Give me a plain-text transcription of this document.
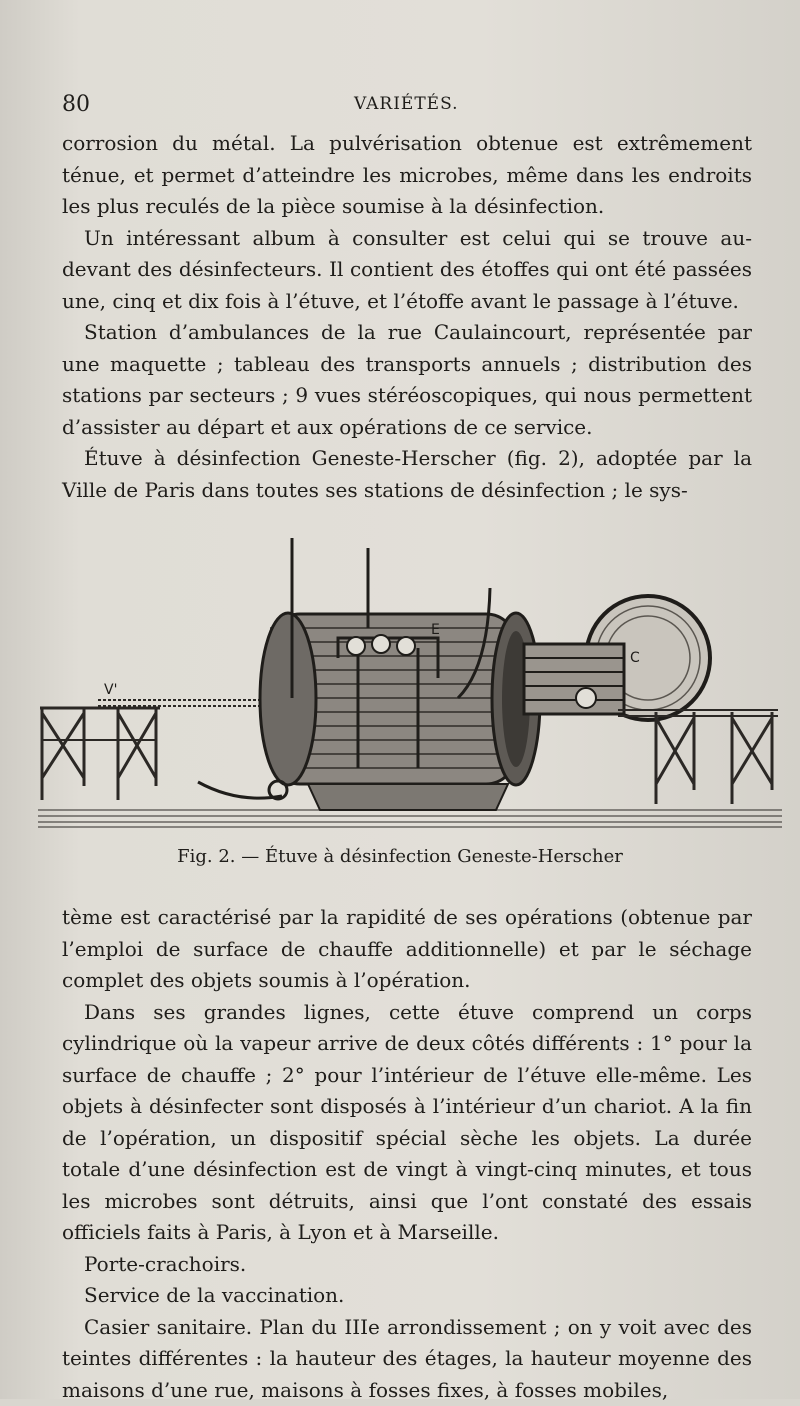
80	VARIÉTÉS.

corrosion du métal. La pulvérisation obtenue est extrêmement ténue, et permet d’atteindre les microbes, même dans les endroits les plus reculés de la pièce soumise à la désinfection.

Un intéressant album à consulter est celui qui se trouve au-devant des désinfecteurs. Il contient des étoffes qui ont été passées une, cinq et dix fois à l’étuve, et l’étoffe avant le passage à l’étuve.

Station d’ambulances de la rue Caulaincourt, représentée par une maquette ; tableau des transports annuels ; distribution des stations par secteurs ; 9 vues stéréoscopiques, qui nous permettent d’assister au départ et aux opérations de ce service.

Étuve à désinfection Geneste-Herscher (fig. 2), adoptée par la Ville de Paris dans toutes ses stations de désinfection ; le sys-

E
C
V'
Fig. 2. — Étuve à désinfection Geneste-Herscher

tème est caractérisé par la rapidité de ses opérations (obtenue par l’emploi de surface de chauffe additionnelle) et par le séchage complet des objets soumis à l’opération.

Dans ses grandes lignes, cette étuve comprend un corps cylindrique où la vapeur arrive de deux côtés différents : 1° pour la surface de chauffe ; 2° pour l’intérieur de l’étuve elle-même. Les objets à désinfecter sont disposés à l’intérieur d’un chariot. A la fin de l’opération, un dispositif spécial sèche les objets. La durée totale d’une désinfection est de vingt à vingt-cinq minutes, et tous les microbes sont détruits, ainsi que l’ont constaté des essais officiels faits à Paris, à Lyon et à Marseille.

Porte-crachoirs.

Service de la vaccination.

Casier sanitaire. Plan du IIIe arrondissement ; on y voit avec des teintes différentes : la hauteur des étages, la hauteur moyenne des maisons d’une rue, maisons à fosses fixes, à fosses mobiles,
